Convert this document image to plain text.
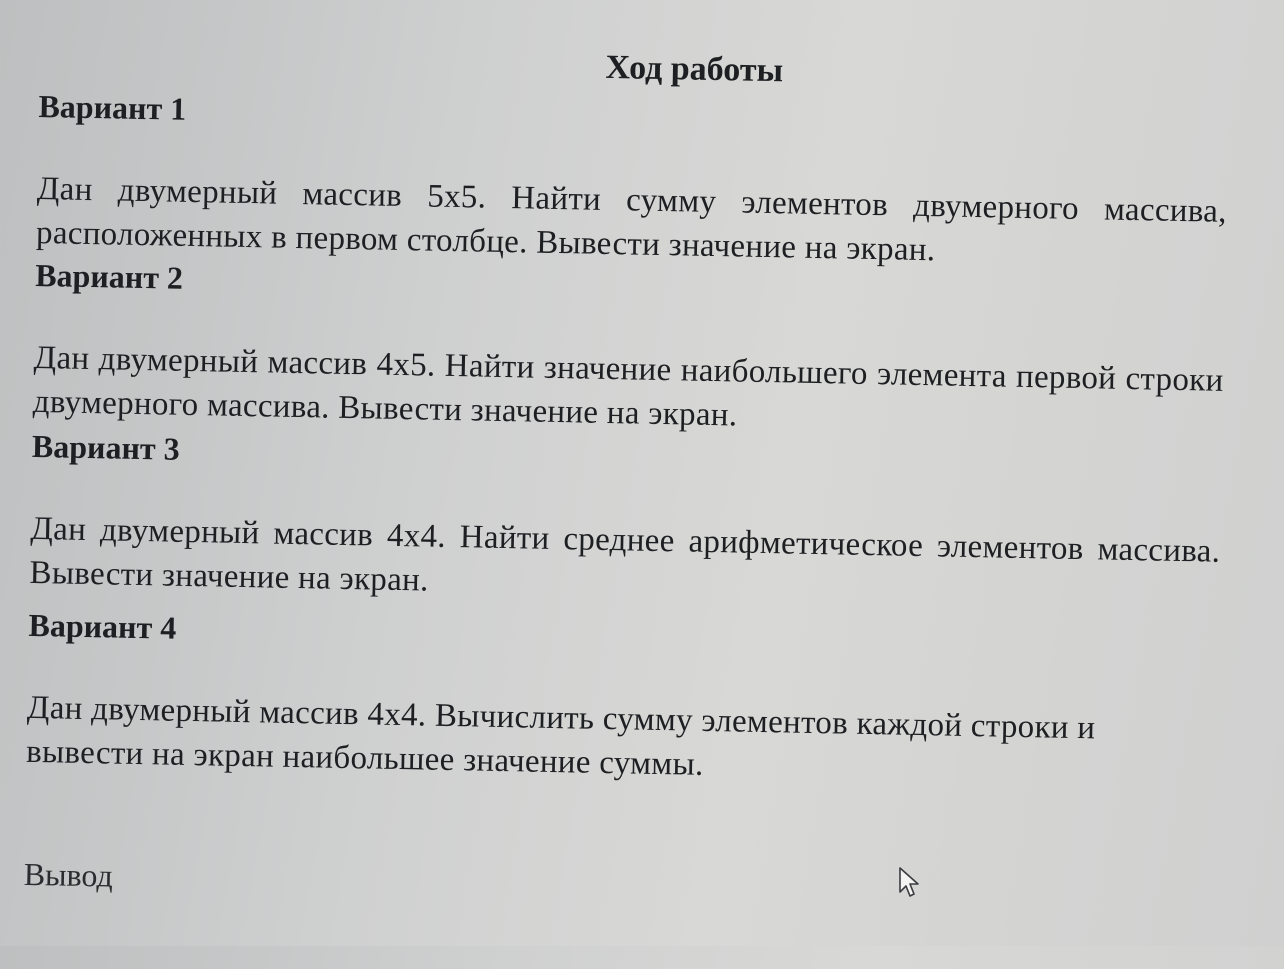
Ход работы
Вариант 1
Дан двумерный массив 5х5. Найти сумму элементов двумерного массива, расположенных в первом столбце. Вывести значение на экран.
Вариант 2
Дан двумерный массив 4х5. Найти значение наибольшего элемента первой строки двумерного массива. Вывести значение на экран.
Вариант 3
Дан двумерный массив 4х4. Найти среднее арифметическое элементов массива. Вывести значение на экран.
Вариант 4
Дан двумерный массив 4х4. Вычислить сумму элементов каждой строки и вывести на экран наибольшее значение суммы.
Вывод
